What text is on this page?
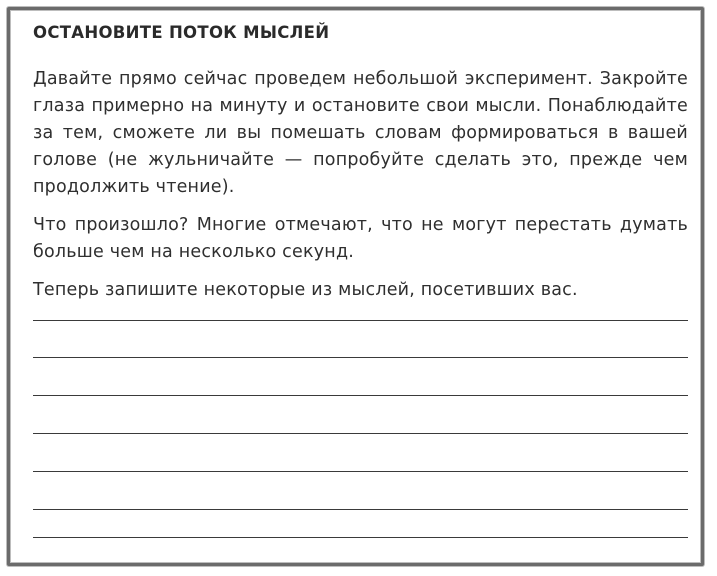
ОСТАНОВИТЕ ПОТОК МЫСЛЕЙ

Давайте прямо сейчас проведем небольшой эксперимент. Закройте глаза примерно на минуту и остановите свои мысли. Понаблюдайте за тем, сможете ли вы помешать словам формироваться в вашей голове (не жульничайте — попробуйте сделать это, прежде чем продолжить чтение).

Что произошло? Многие отмечают, что не могут перестать думать больше чем на несколько секунд.

Теперь запишите некоторые из мыслей, посетивших вас.
